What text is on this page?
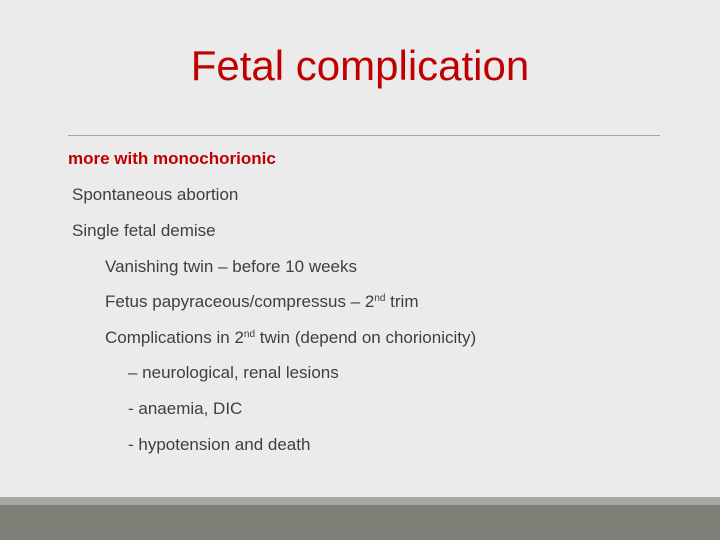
Fetal complication
more with monochorionic
Spontaneous abortion
Single fetal demise
Vanishing twin – before 10 weeks
Fetus papyraceous/compressus – 2nd trim
Complications in 2nd twin (depend on chorionicity)
– neurological, renal lesions
- anaemia, DIC
- hypotension and death
